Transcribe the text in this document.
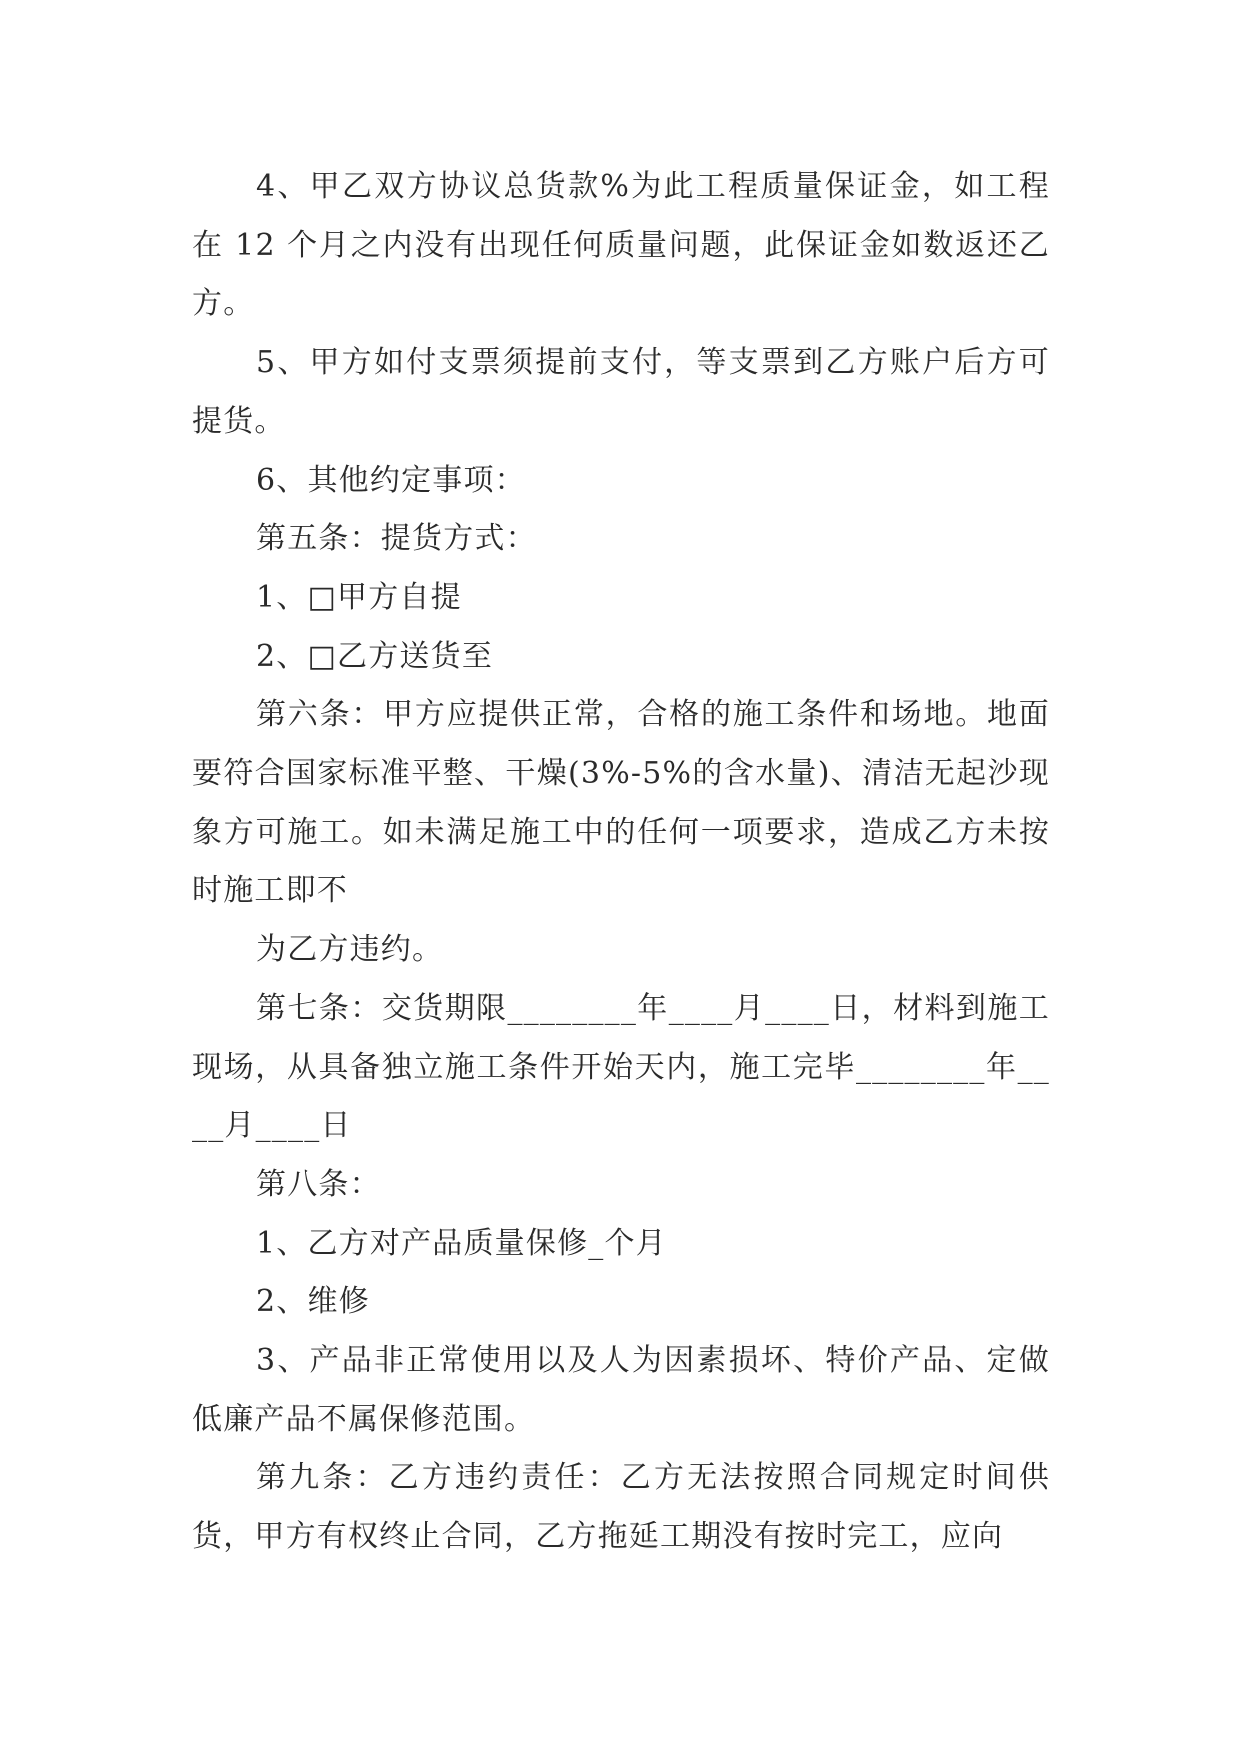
4、甲乙双方协议总货款%为此工程质量保证金，如工程在 12 个月之内没有出现任何质量问题，此保证金如数返还乙方。

5、甲方如付支票须提前支付，等支票到乙方账户后方可提货。

6、其他约定事项：

第五条：提货方式：

1、□甲方自提

2、□乙方送货至

第六条：甲方应提供正常，合格的施工条件和场地。地面要符合国家标准平整、干燥(3%-5%的含水量)、清洁无起沙现象方可施工。如未满足施工中的任何一项要求，造成乙方未按时施工即不

为乙方违约。

第七条：交货期限________年____月____日，材料到施工现场，从具备独立施工条件开始天内，施工完毕________年____月____日

第八条：

1、乙方对产品质量保修_个月

2、维修

3、产品非正常使用以及人为因素损坏、特价产品、定做低廉产品不属保修范围。

第九条：乙方违约责任：乙方无法按照合同规定时间供货，甲方有权终止合同，乙方拖延工期没有按时完工，应向
